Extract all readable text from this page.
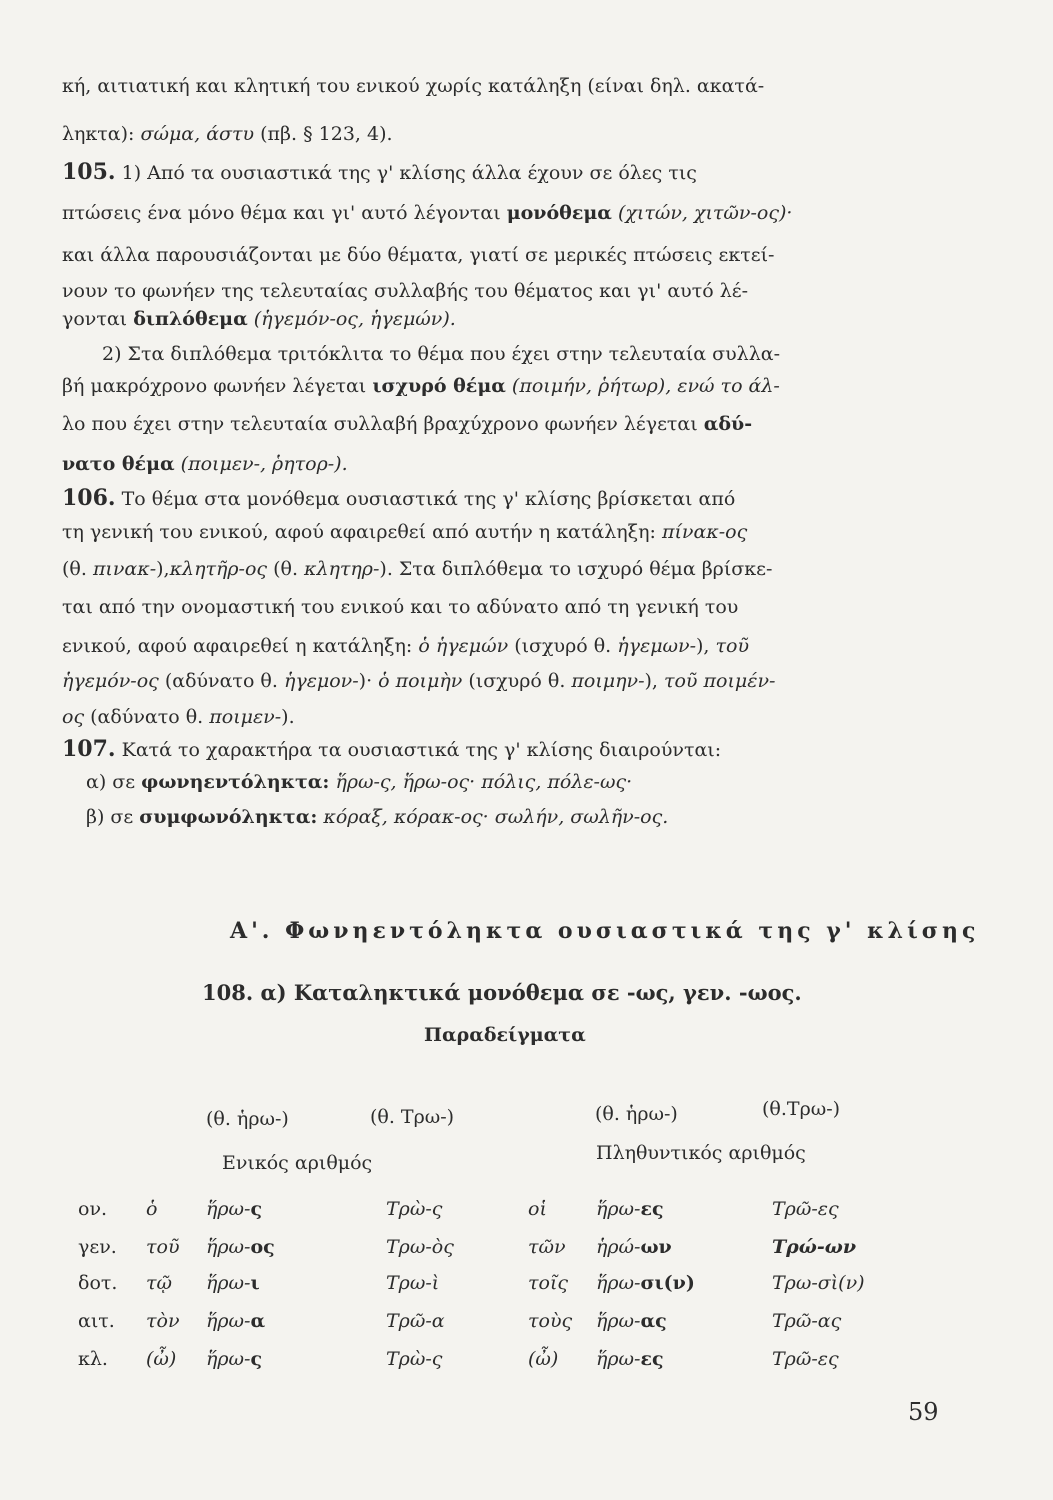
κή, αιτιατική και κλητική του ενικού χωρίς κατάληξη (είναι δηλ. ακατά-
ληκτα): σώμα, άστυ (πβ. § 123, 4).
105. 1) Από τα ουσιαστικά της γ' κλίσης άλλα έχουν σε όλες τις
πτώσεις ένα μόνο θέμα και γι' αυτό λέγονται μονόθεμα (χιτών, χιτῶν-ος)·
και άλλα παρουσιάζονται με δύο θέματα, γιατί σε μερικές πτώσεις εκτεί-
νουν το φωνήεν της τελευταίας συλλαβής του θέματος και γι' αυτό λέ-
γονται διπλόθεμα (ἡγεμόν-ος, ἡγεμών).
2) Στα διπλόθεμα τριτόκλιτα το θέμα που έχει στην τελευταία συλλα-
βή μακρόχρονο φωνήεν λέγεται ισχυρό θέμα (ποιμήν, ῥήτωρ), ενώ το άλ-
λο που έχει στην τελευταία συλλαβή βραχύχρονο φωνήεν λέγεται αδύ-
νατο θέμα (ποιμεν-, ῥητορ-).
106. Το θέμα στα μονόθεμα ουσιαστικά της γ' κλίσης βρίσκεται από
τη γενική του ενικού, αφού αφαιρεθεί από αυτήν η κατάληξη: πίνακ-ος
(θ. πινακ-),κλητῆρ-ος (θ. κλητηρ-). Στα διπλόθεμα το ισχυρό θέμα βρίσκε-
ται από την ονομαστική του ενικού και το αδύνατο από τη γενική του
ενικού, αφού αφαιρεθεί η κατάληξη: ὁ ἡγεμών (ισχυρό θ. ἡγεμων-), τοῦ
ἡγεμόν-ος (αδύνατο θ. ἡγεμον-)· ὁ ποιμὴν (ισχυρό θ. ποιμην-), τοῦ ποιμέν-
ος (αδύνατο θ. ποιμεν-).
107. Κατά το χαρακτήρα τα ουσιαστικά της γ' κλίσης διαιρούνται:
α) σε φωνηεντόληκτα: ἥρω-ς, ἥρω-ος· πόλις, πόλε-ως·
β) σε συμφωνόληκτα: κόραξ, κόρακ-ος· σωλήν, σωλῆν-ος.
Α'. Φωνηεντόληκτα ουσιαστικά της γ' κλίσης
108. α) Καταληκτικά μονόθεμα σε -ως, γεν. -ωος.
Παραδείγματα
(θ. ἡρω-)	(θ. Τρω-)	(θ. ἡρω-)	(θ.Τρω-)
Ενικός αριθμός	Πληθυντικός αριθμός
ον. ὁ	ἥρω-ς	Τρὼ-ς	οἱ	ἥρω-ες	Τρῶ-ες
γεν. τοῦ ἥρω-ος	Τρω-ὸς	τῶν ἡρώ-ων	Τρώ-ων
δοτ. τῷ ἥρω-ι	Τρω-ὶ	τοῖς ἥρω-σι(ν)	Τρω-σὶ(ν)
αιτ. τὸν ἥρω-α	Τρῶ-α	τοὺς ἥρω-ας	Τρῶ-ας
κλ. (ὦ) ἥρω-ς	Τρὼ-ς	(ὦ) ἥρω-ες	Τρῶ-ες
59
